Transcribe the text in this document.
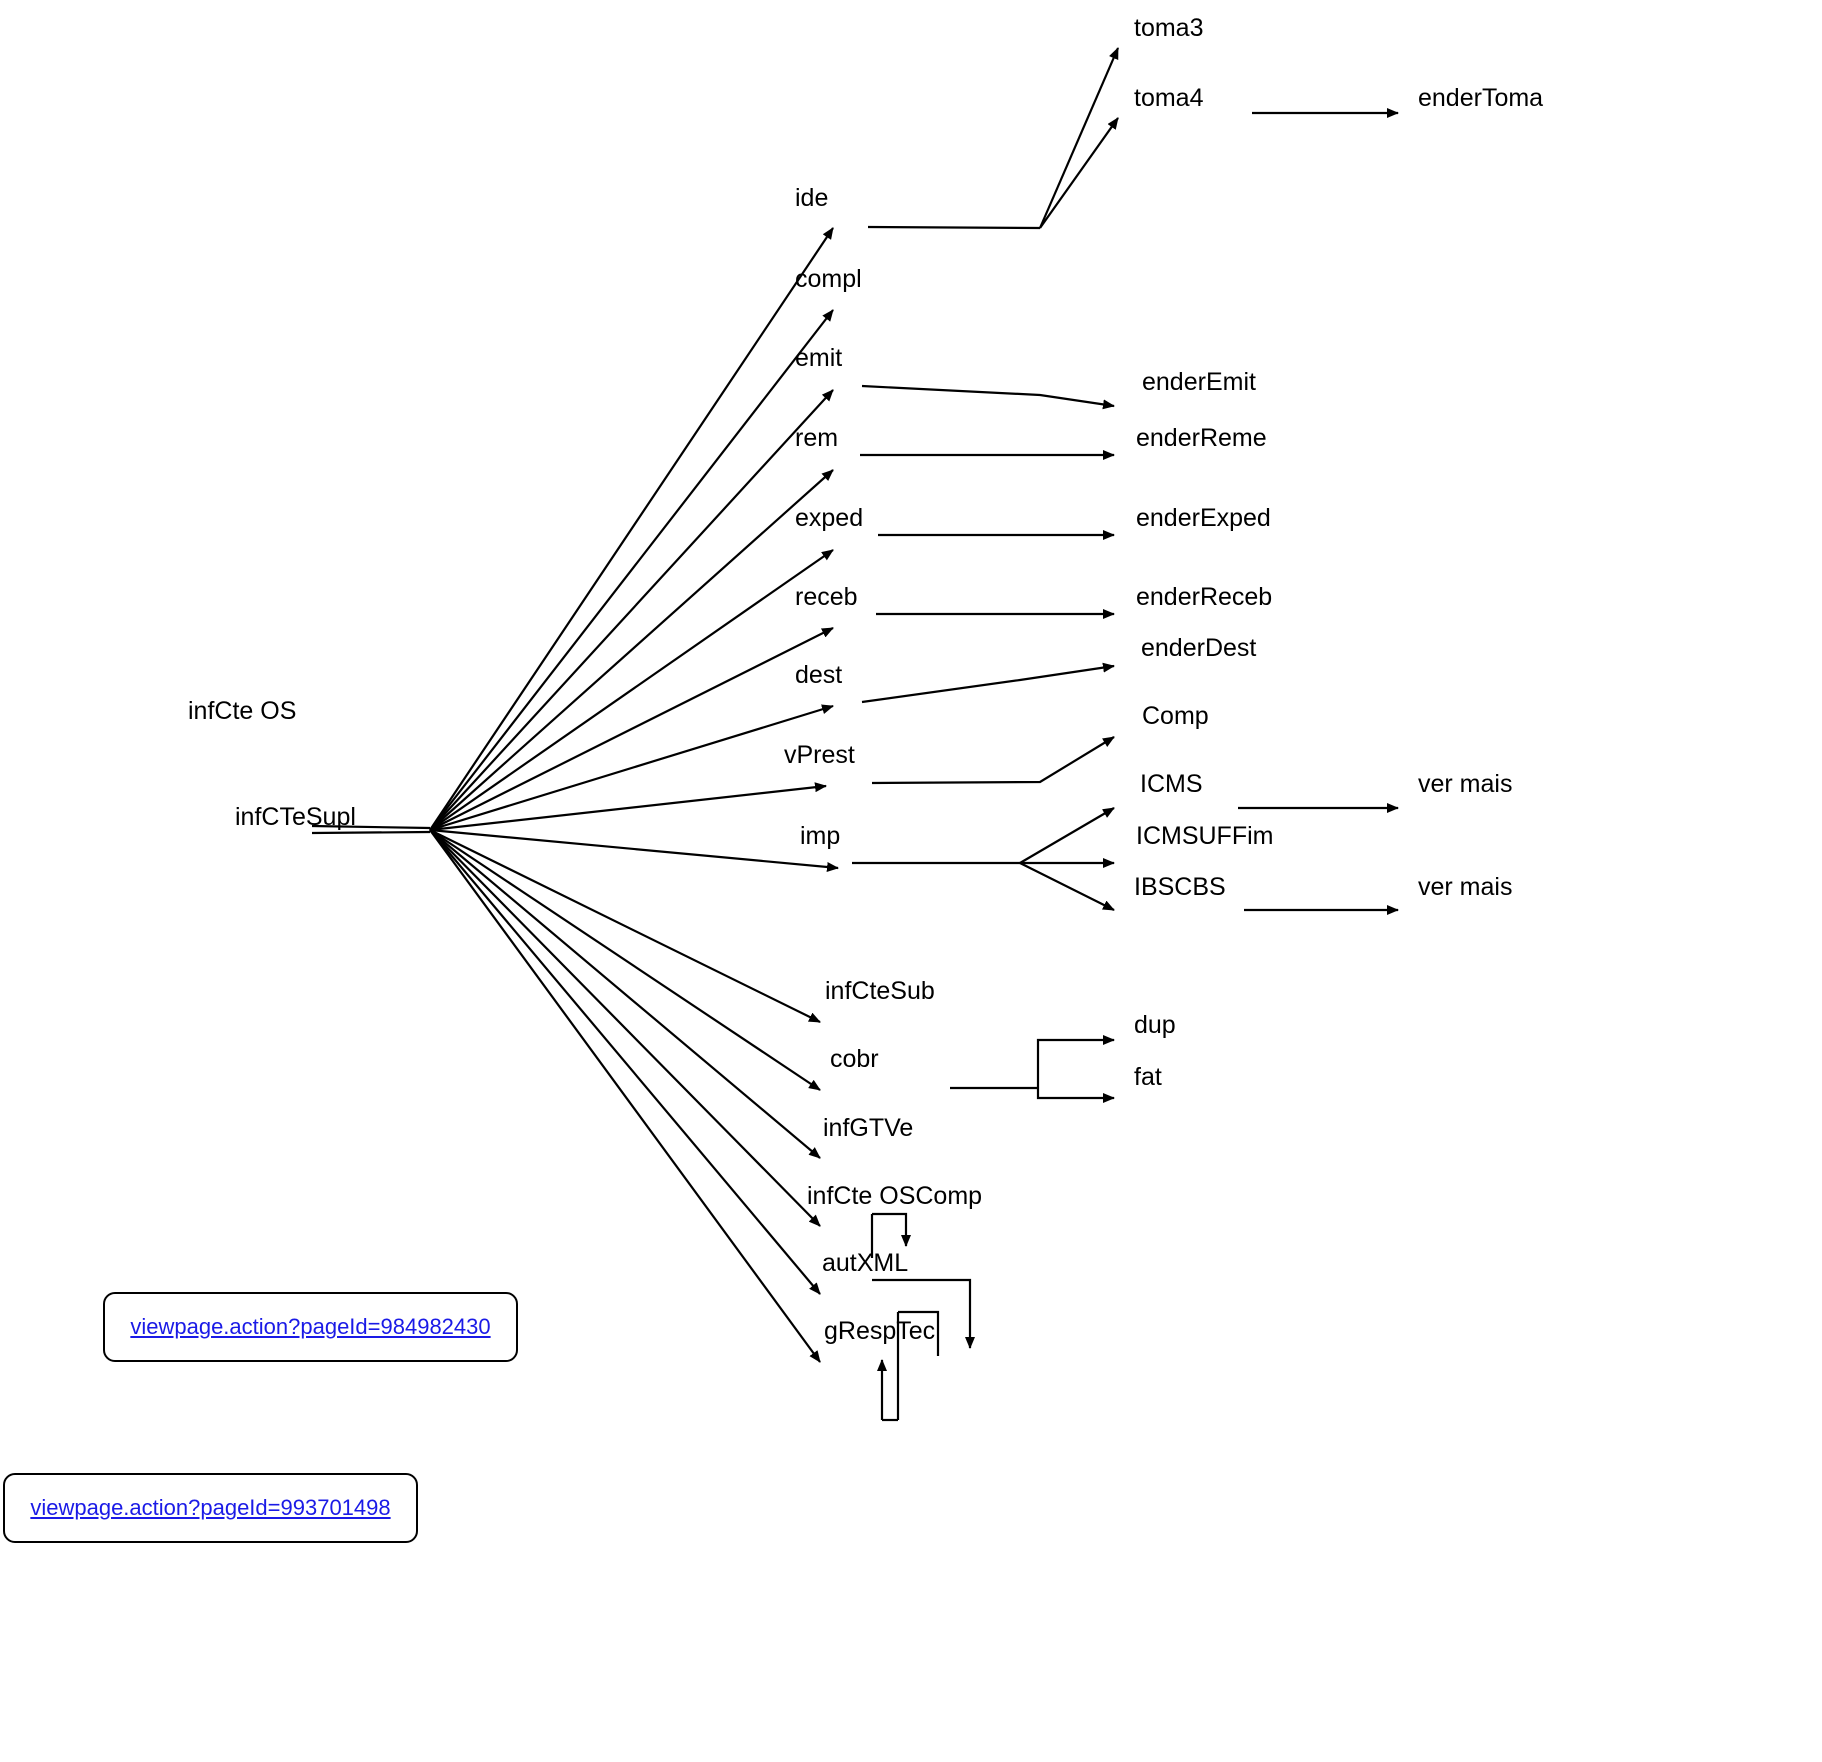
infCte OS
infCTeSupl
ide
toma3
toma4	enderToma
compl
emit
enderEmit
rem	enderReme
exped	enderExped
receb	enderReceb
dest
enderDest
vPrest
Comp
imp
ICMS	ver mais
ICMSUFFim
IBSCBS	ver mais
infCteSub
cobr
dup
fat
infGTVe
infCte OSComp
autXML
gRespTec
viewpage.action?pageId=984982430
viewpage.action?pageId=993701498
